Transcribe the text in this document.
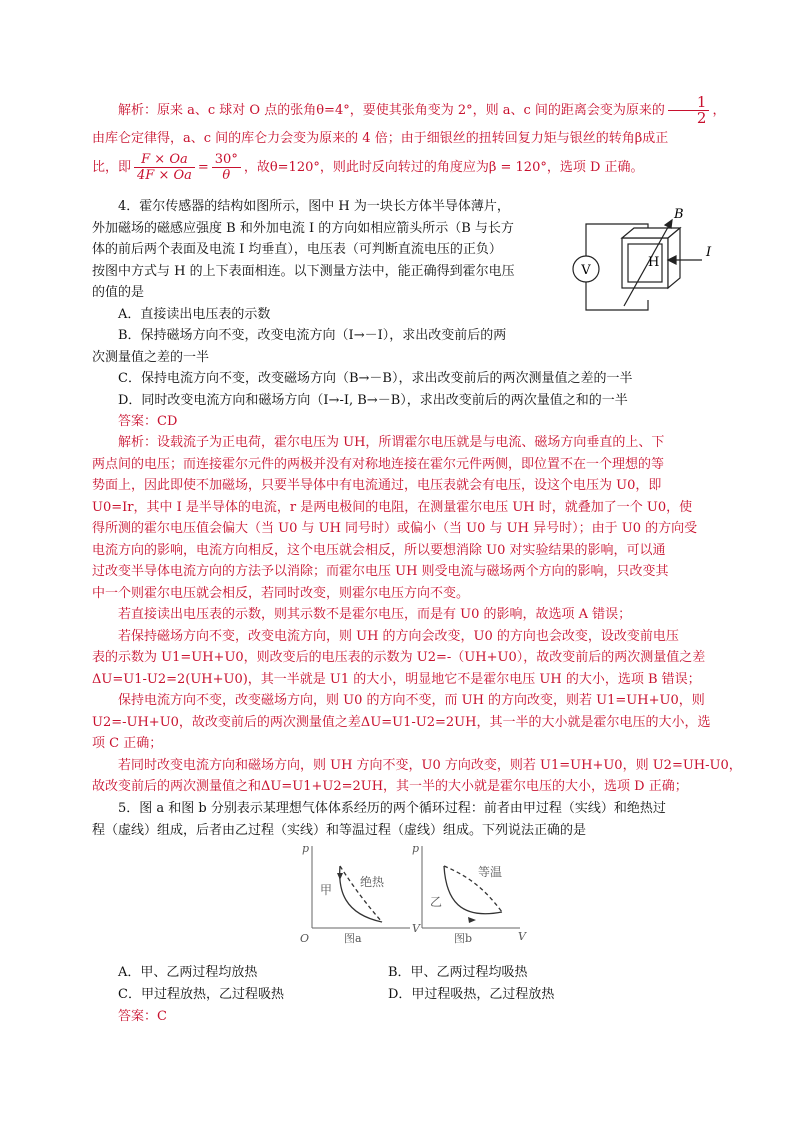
解析：原来 a、c 球对 O 点的张角θ=4°，要使其张角变为 2°，则 a、c 间的距离会变为原来的 $\frac{1}{2}$ ，
由库仑定律得，a、c 间的库仑力会变为原来的 4 倍；由于细银丝的扭转回复力矩与银丝的转角β成正
比，即 $\frac{F \times Oa}{4F \times Oa} = \frac{30^\circ}{\theta}$ ，故θ=120°，则此时反向转过的角度应为β = 120°，选项 D 正确。
4．霍尔传感器的结构如图所示，图中 H 为一块长方体半导体薄片，
外加磁场的磁感应强度 B 和外加电流 I 的方向如相应箭头所示（B 与长方
体的前后两个表面及电流 I 均垂直），电压表（可判断直流电压的正负）
按图中方式与 H 的上下表面相连。以下测量方法中，能正确得到霍尔电压
的值的是
A．直接读出电压表的示数
B．保持磁场方向不变，改变电流方向（I→－I），求出改变前后的两
次测量值之差的一半
C．保持电流方向不变，改变磁场方向（B→－B），求出改变前后的两次测量值之差的一半
D．同时改变电流方向和磁场方向（I→-I, B→－B），求出改变前后的两次量值之和的一半
答案：CD
V
B
H
I
解析：设载流子为正电荷，霍尔电压为 UH，所谓霍尔电压就是与电流、磁场方向垂直的上、下
两点间的电压；而连接霍尔元件的两极并没有对称地连接在霍尔元件两侧，即位置不在一个理想的等
势面上，因此即使不加磁场，只要半导体中有电流通过，电压表就会有电压，设这个电压为 U0，即
U0=Ir，其中 I 是半导体的电流，r 是两电极间的电阻，在测量霍尔电压 UH 时，就叠加了一个 U0，使
得所测的霍尔电压值会偏大（当 U0 与 UH 同号时）或偏小（当 U0 与 UH 异号时）；由于 U0 的方向受
电流方向的影响，电流方向相反，这个电压就会相反，所以要想消除 U0 对实验结果的影响，可以通
过改变半导体电流方向的方法予以消除；而霍尔电压 UH 则受电流与磁场两个方向的影响，只改变其
中一个则霍尔电压就会相反，若同时改变，则霍尔电压方向不变。
若直接读出电压表的示数，则其示数不是霍尔电压，而是有 U0 的影响，故选项 A 错误；
若保持磁场方向不变，改变电流方向，则 UH 的方向会改变，U0 的方向也会改变，设改变前电压
表的示数为 U1=UH+U0，则改变后的电压表的示数为 U2=-（UH+U0），故改变前后的两次测量值之差
ΔU=U1-U2=2(UH+U0)，其一半就是 U1 的大小，明显地它不是霍尔电压 UH 的大小，选项 B 错误；
保持电流方向不变，改变磁场方向，则 U0 的方向不变，而 UH 的方向改变，则若 U1=UH+U0，则
U2=-UH+U0，故改变前后的两次测量值之差ΔU=U1-U2=2UH，其一半的大小就是霍尔电压的大小，选
项 C 正确；
若同时改变电流方向和磁场方向，则 UH 方向不变，U0 方向改变，则若 U1=UH+U0，则 U2=UH-U0，
故改变前后的两次测量值之和ΔU=U1+U2=2UH，其一半的大小就是霍尔电压的大小，选项 D 正确；
5．图 a 和图 b 分别表示某理想气体体系经历的两个循环过程：前者由甲过程（实线）和绝热过
程（虚线）组成，后者由乙过程（实线）和等温过程（虚线）组成。下列说法正确的是
p
V
O
甲
绝热
图a
p
V
乙
等温
图b
A．甲、乙两过程均放热	B．甲、乙两过程均吸热
C．甲过程放热，乙过程吸热	D．甲过程吸热，乙过程放热
答案：C
